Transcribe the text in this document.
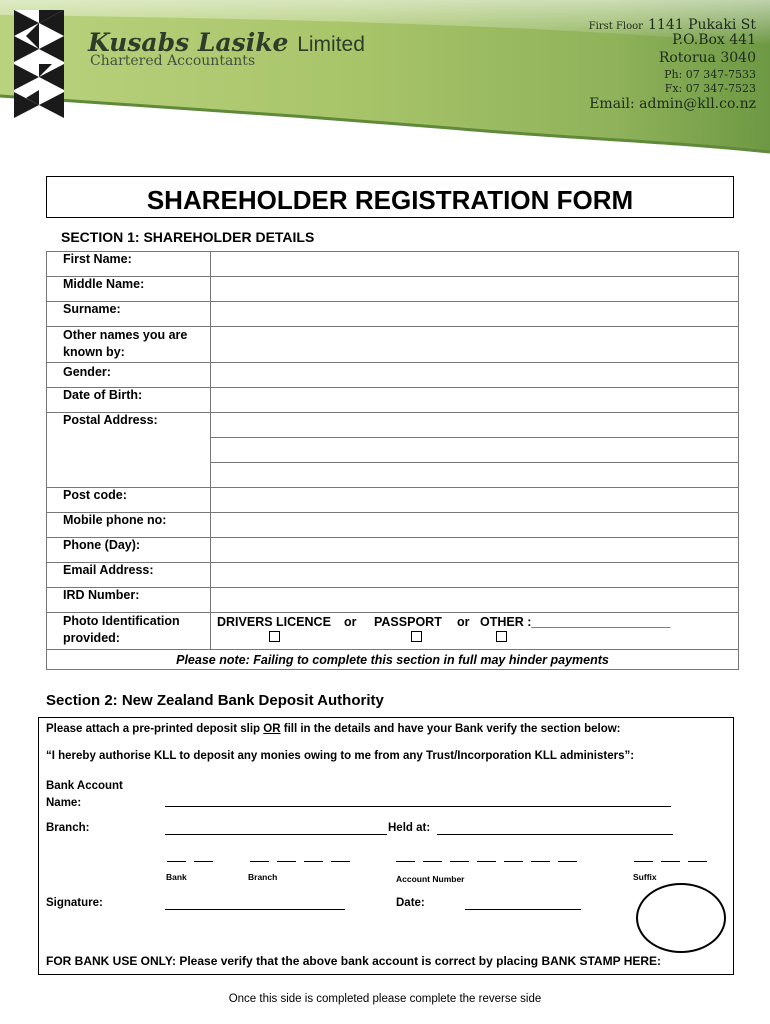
Kusabs Lasike Limited
Chartered Accountants
First Floor 1141 Pukaki St
P.O.Box 441
Rotorua 3040
Ph: 07 347-7533
Fx: 07 347-7523
Email: admin@kll.co.nz
SHAREHOLDER REGISTRATION FORM
SECTION 1: SHAREHOLDER DETAILS
First Name:	
Middle Name:	
Surname:	
Other names you are
known by:	
Gender:	
Date of Birth:	
Postal Address:	

Post code:	
Mobile phone no:	
Phone (Day):	
Email Address:	
IRD Number:	
Photo Identification
provided:	DRIVERS LICENCE or PASSPORT or OTHER :____________________

Please note: Failing to complete this section in full may hinder payments	
Section 2: New Zealand Bank Deposit Authority
Please attach a pre-printed deposit slip OR fill in the details and have your Bank verify the section below:
“I hereby authorise KLL to deposit any monies owing to me from any Trust/Incorporation KLL administers”:
Bank Account
Name:
Branch:	Held at:
Bank	Branch	Account Number	Suffix
Signature:	Date:
FOR BANK USE ONLY: Please verify that the above bank account is correct by placing BANK STAMP HERE:
Once this side is completed please complete the reverse side
